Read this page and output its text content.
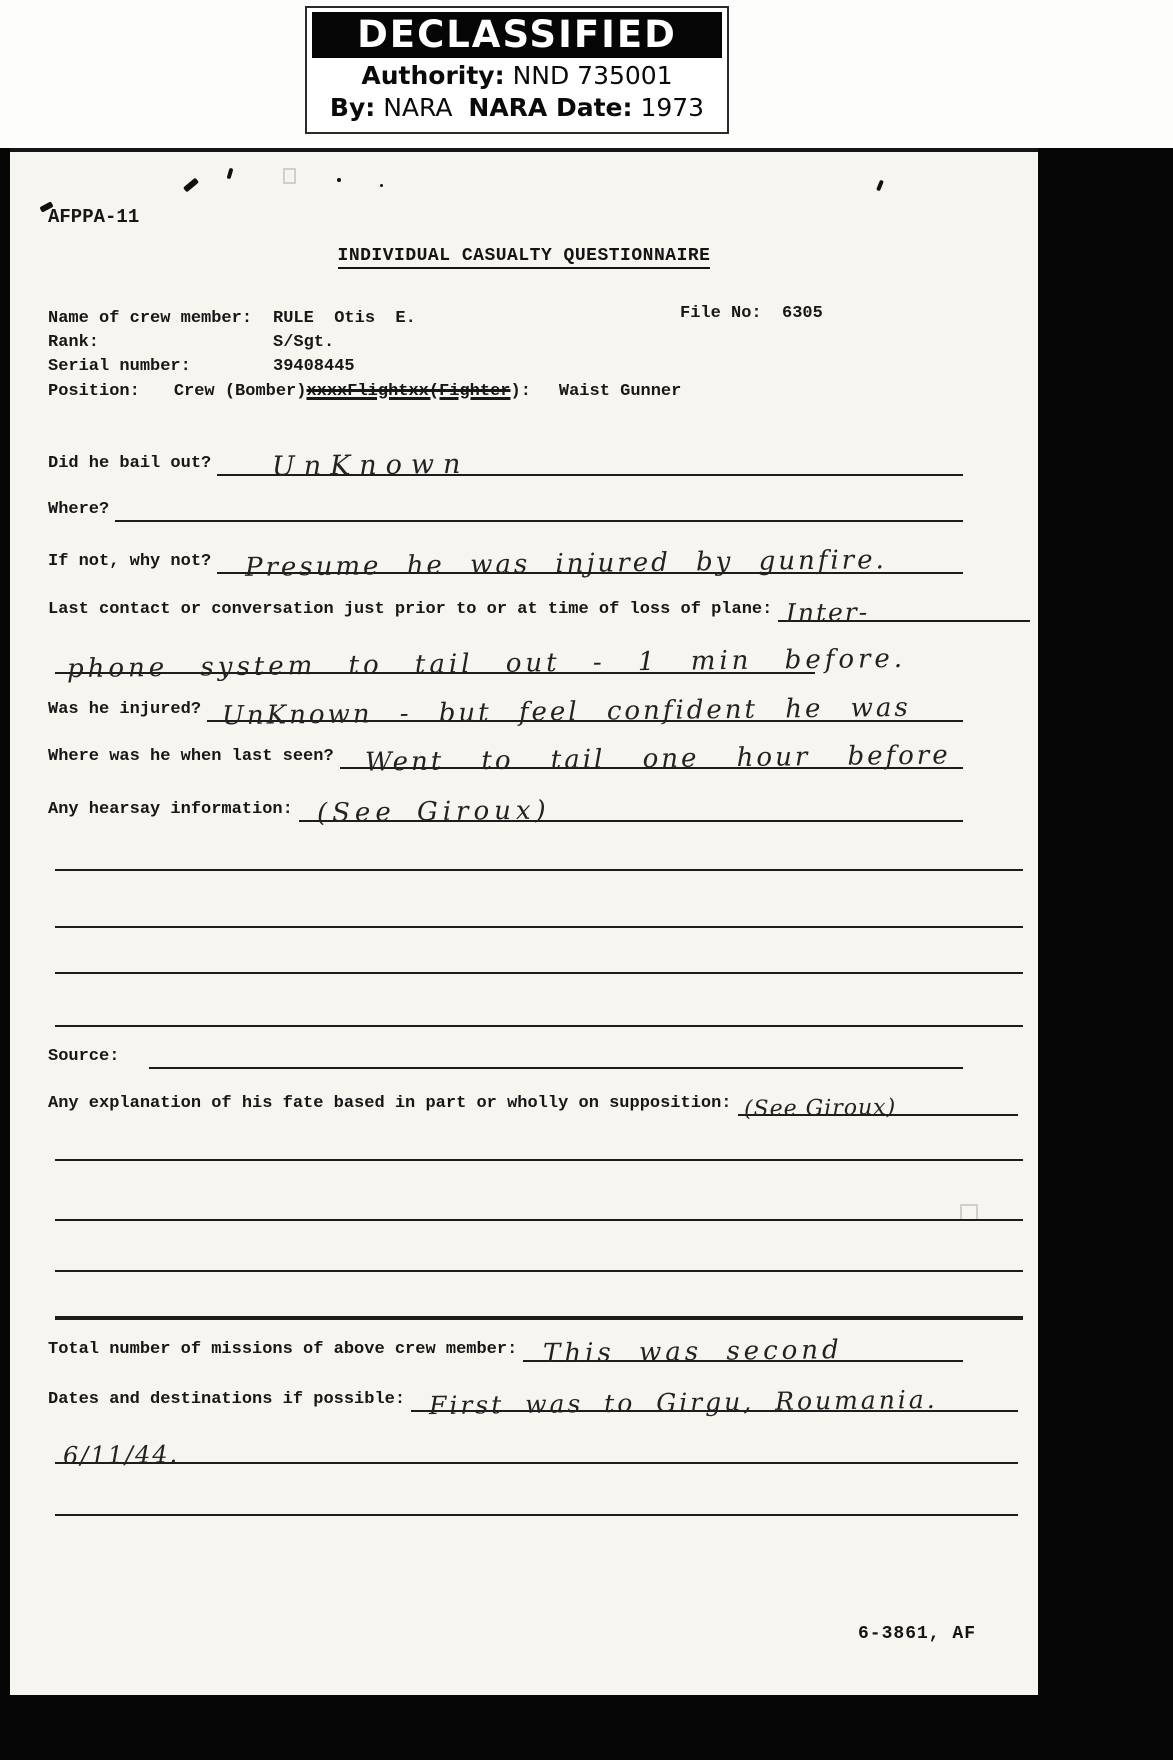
DECLASSIFIED
Authority: NND 735001
By: NARA NARA Date: 1973
AFPPA-11
INDIVIDUAL CASUALTY QUESTIONNAIRE
File No: 6305
Name of crew member: RULE  Otis  E.
Rank:	S/Sgt.
Serial number:	39408445
Position: Crew (Bomber)xxxxFlightxx(Fighter): Waist Gunner
Did he bail out? UnKnown
Where?
If not, why not? Presume he was injured by gunfire.
Last contact or conversation just prior to or at time of loss of plane: Inter-
phone system to tail out - 1 min before.
Was he injured? UnKnown - but feel confident he was
Where was he when last seen? Went to tail one hour before
Any hearsay information: (See Giroux)
Source:
Any explanation of his fate based in part or wholly on supposition: (See Giroux)
Total number of missions of above crew member: This was second
Dates and destinations if possible: First was to Girgu, Roumania.
6/11/44.
6-3861, AF
